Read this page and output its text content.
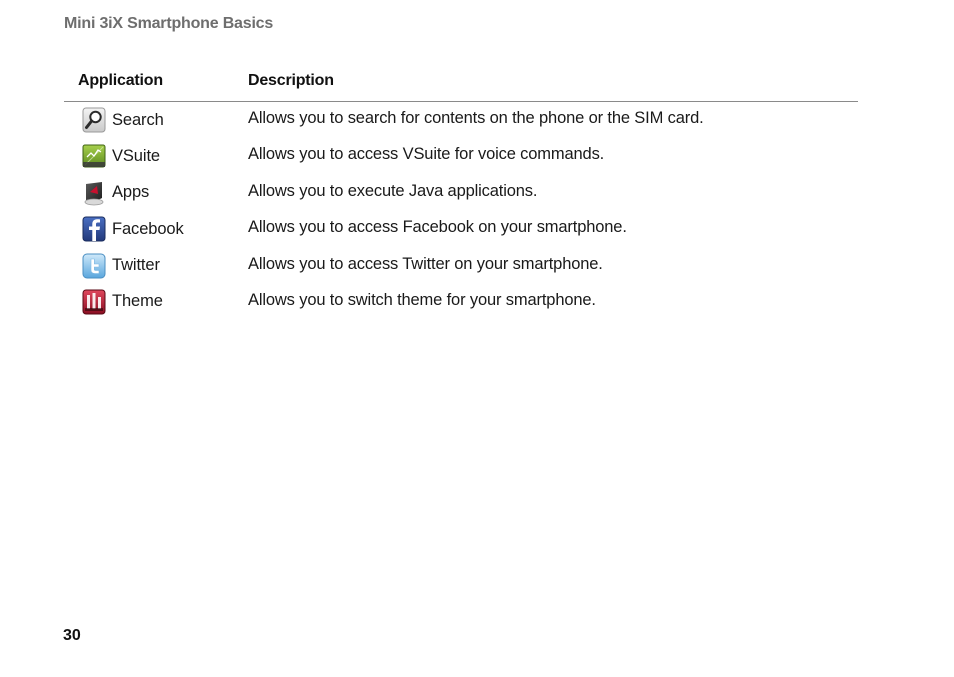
Mini 3iX Smartphone Basics
Application	Description
Search	Allows you to search for contents on the phone or the SIM card.
VSuite	Allows you to access VSuite for voice commands.
Apps	Allows you to execute Java applications.
Facebook	Allows you to access Facebook on your smartphone.
Twitter	Allows you to access Twitter on your smartphone.
Theme	Allows you to switch theme for your smartphone.
30
